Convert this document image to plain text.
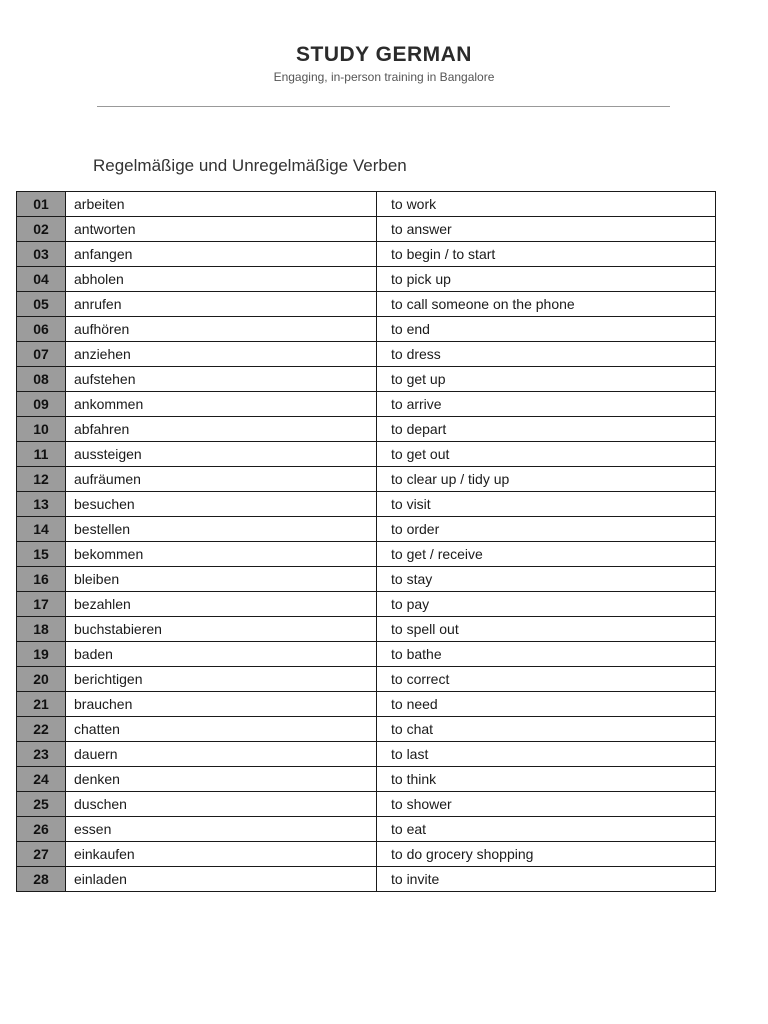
STUDY GERMAN
Engaging, in-person training in Bangalore
Regelmäßige und Unregelmäßige Verben
01	arbeiten	to work
02	antworten	to answer
03	anfangen	to begin / to start
04	abholen	to pick up
05	anrufen	to call someone on the phone
06	aufhören	to end
07	anziehen	to dress
08	aufstehen	to get up
09	ankommen	to arrive
10	abfahren	to depart
11	aussteigen	to get out
12	aufräumen	to clear up / tidy up
13	besuchen	to visit
14	bestellen	to order
15	bekommen	to get / receive
16	bleiben	to stay
17	bezahlen	to pay
18	buchstabieren	to spell out
19	baden	to bathe
20	berichtigen	to correct
21	brauchen	to need
22	chatten	to chat
23	dauern	to last
24	denken	to think
25	duschen	to shower
26	essen	to eat
27	einkaufen	to do grocery shopping
28	einladen	to invite
